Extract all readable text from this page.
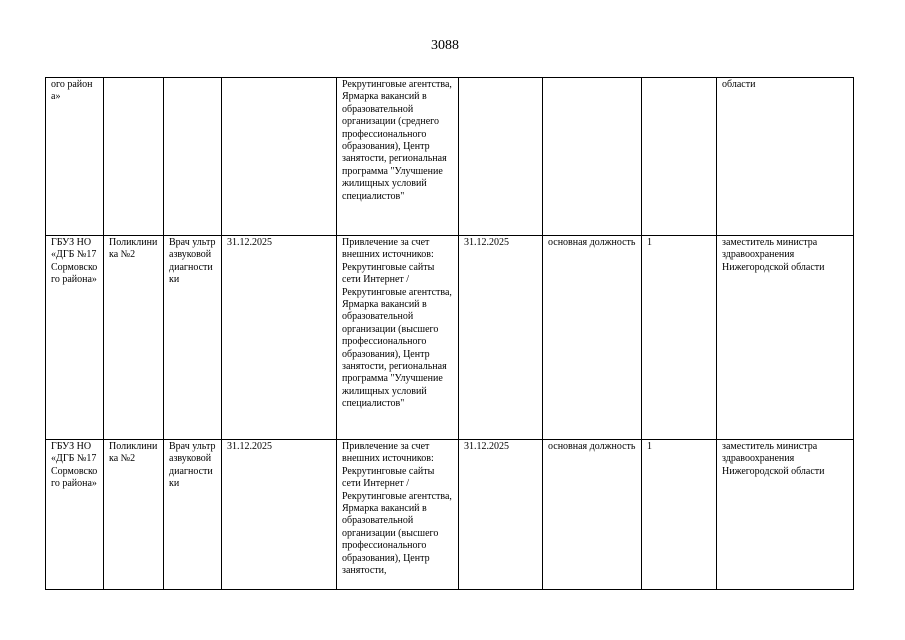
3088
ого района»				Рекрутинговые агентства, Ярмарка вакансий в образовательной организации (среднего профессионального образования), Центр занятости, региональная программа "Улучшение жилищных условий специалистов"				области
ГБУЗ НО «ДГБ №17 Сормовского района»	Поликлиника №2	Врач ультразвуковой диагностики	31.12.2025	Привлечение за счет внешних источников: Рекрутинговые сайты сети Интернет / Рекрутинговые агентства, Ярмарка вакансий в образовательной организации (высшего профессионального образования), Центр занятости, региональная программа "Улучшение жилищных условий специалистов"	31.12.2025	основная должность	1	заместитель министра здравоохранения Нижегородской области
ГБУЗ НО «ДГБ №17 Сормовского района»	Поликлиника №2	Врач ультразвуковой диагностики	31.12.2025	Привлечение за счет внешних источников: Рекрутинговые сайты сети Интернет / Рекрутинговые агентства, Ярмарка вакансий в образовательной организации (высшего профессионального образования), Центр занятости,	31.12.2025	основная должность	1	заместитель министра здравоохранения Нижегородской области
